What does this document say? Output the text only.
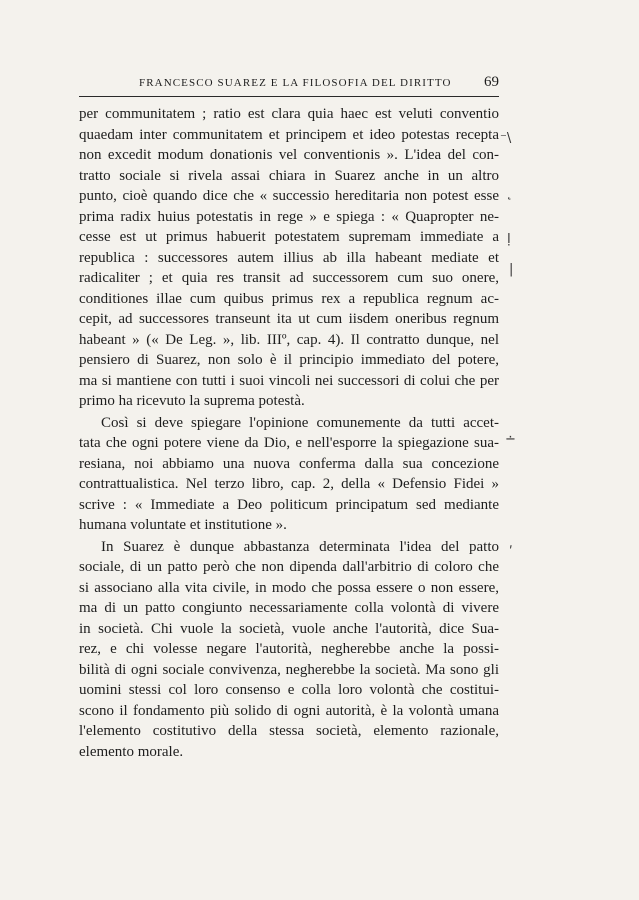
FRANCESCO SUAREZ E LA FILOSOFIA DEL DIRITTO 69
per communitatem ; ratio est clara quia haec est veluti conventio
quaedam inter communitatem et principem et ideo potestas recepta
non excedit modum donationis vel conventionis ». L'idea del con-
tratto sociale si rivela assai chiara in Suarez anche in un altro
punto, cioè quando dice che « successio hereditaria non potest esse
prima radix huius potestatis in rege » e spiega : « Quapropter ne-
cesse est ut primus habuerit potestatem supremam immediate a
republica : successores autem illius ab illa habeant mediate et
radicaliter ; et quia res transit ad successorem cum suo onere,
conditiones illae cum quibus primus rex a republica regnum ac-
cepit, ad successores transeunt ita ut cum iisdem oneribus regnum
habeant » (« De Leg. », lib. IIIº, cap. 4). Il contratto dunque, nel
pensiero di Suarez, non solo è il principio immediato del potere,
ma si mantiene con tutti i suoi vincoli nei successori di colui che per
primo ha ricevuto la suprema potestà.
Così si deve spiegare l'opinione comunemente da tutti accet-
tata che ogni potere viene da Dio, e nell'esporre la spiegazione sua-
resiana, noi abbiamo una nuova conferma dalla sua concezione
contrattualistica. Nel terzo libro, cap. 2, della « Defensio Fidei »
scrive : « Immediate a Deo politicum principatum sed mediante
humana voluntate et institutione ».
In Suarez è dunque abbastanza determinata l'idea del patto
sociale, di un patto però che non dipenda dall'arbitrio di coloro che
si associano alla vita civile, in modo che possa essere o non essere,
ma di un patto congiunto necessariamente colla volontà di vivere
in società. Chi vuole la società, vuole anche l'autorità, dice Sua-
rez, e chi volesse negare l'autorità, negherebbe anche la possi-
bilità di ogni sociale convivenza, negherebbe la società. Ma sono gli
uomini stessi col loro consenso e colla loro volontà che costitui-
scono il fondamento più solido di ogni autorità, è la volontà umana
l'elemento costitutivo della stessa società, elemento razionale,
elemento morale.
⁻\
˛
ḷ
|
∸
ʹ
